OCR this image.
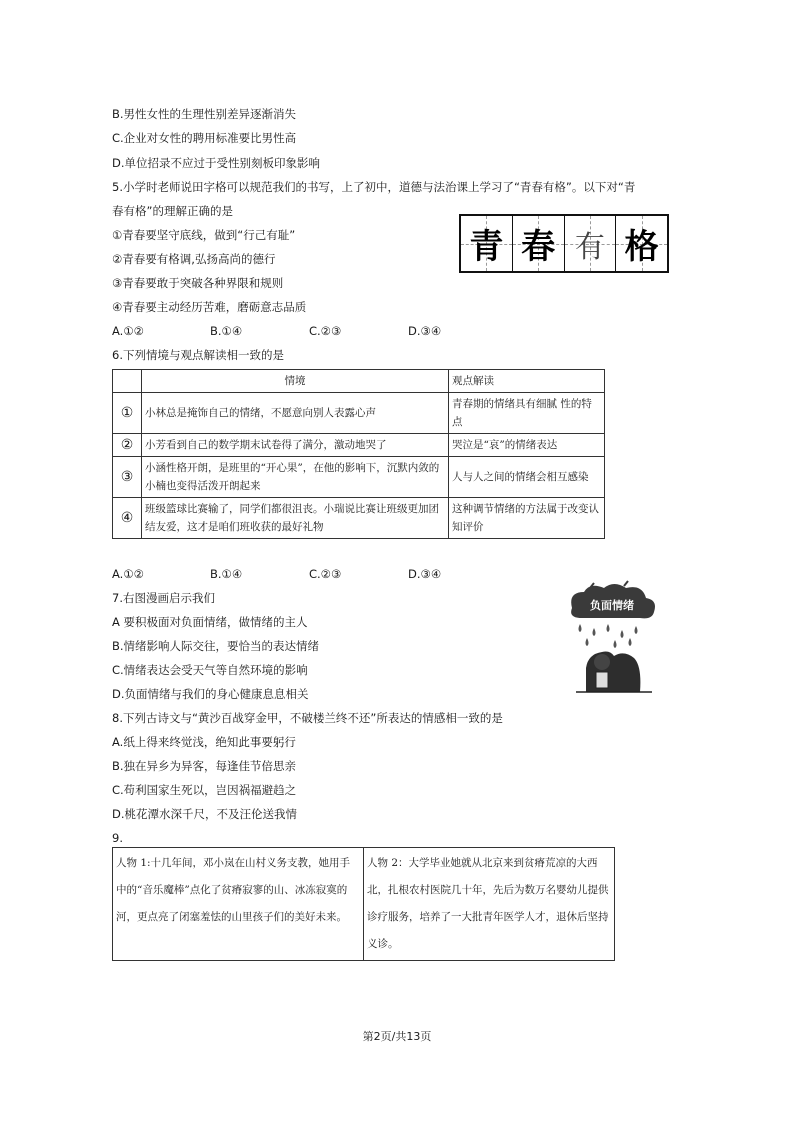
B.男性女性的生理性别差异逐渐消失
C.企业对女性的聘用标准要比男性高
D.单位招录不应过于受性别刻板印象影响
5.小学时老师说田字格可以规范我们的书写，上了初中，道德与法治课上学习了“青春有格”。以下对“青
春有格”的理解正确的是
①青春要坚守底线，做到“行己有耻”
②青春要有格调,弘扬高尚的德行
③青春要敢于突破各种界限和规则
④青春要主动经历苦难，磨砺意志品质
A.①②	B.①④	C.②③	D.③④
青 春 有 格
6.下列情境与观点解读相一致的是
	情境	观点解读
①	小林总是掩饰自己的情绪，不愿意向别人表露心声	青春期的情绪具有细腻 性的特点
②	小芳看到自己的数学期末试卷得了满分，激动地哭了	哭泣是“哀”的情绪表达
③	小涵性格开朗，是班里的“开心果”，在他的影响下，沉默内敛的小楠也变得活泼开朗起来	人与人之间的情绪会相互感染
④	班级篮球比赛输了，同学们都很沮丧。小瑞说比赛让班级更加团结友爱，这才是咱们班收获的最好礼物	这种调节情绪的方法属于改变认知评价
A.①②	B.①④	C.②③	D.③④
7.右图漫画启示我们
A 要积极面对负面情绪，做情绪的主人
B.情绪影响人际交往，要恰当的表达情绪
C.情绪表达会受天气等自然环境的影响
D.负面情绪与我们的身心健康息息相关
负面情绪
8.下列古诗文与“黄沙百战穿金甲，不破楼兰终不还”所表达的情感相一致的是
A.纸上得来终觉浅，绝知此事要躬行
B.独在异乡为异客，每逢佳节倍思亲
C.苟利国家生死以，岂因祸福避趋之
D.桃花潭水深千尺，不及汪伦送我情
9.
人物 1:十几年间，邓小岚在山村义务支教，她用手中的“音乐魔棒”点化了贫瘠寂寥的山、冰冻寂寞的河，更点亮了闭塞羞怯的山里孩子们的美好未来。	人物 2：大学毕业她就从北京来到贫瘠荒凉的大西北，扎根农村医院几十年，先后为数万名婴幼儿提供诊疗服务，培养了一大批青年医学人才，退休后坚持义诊。
第2页/共13页
